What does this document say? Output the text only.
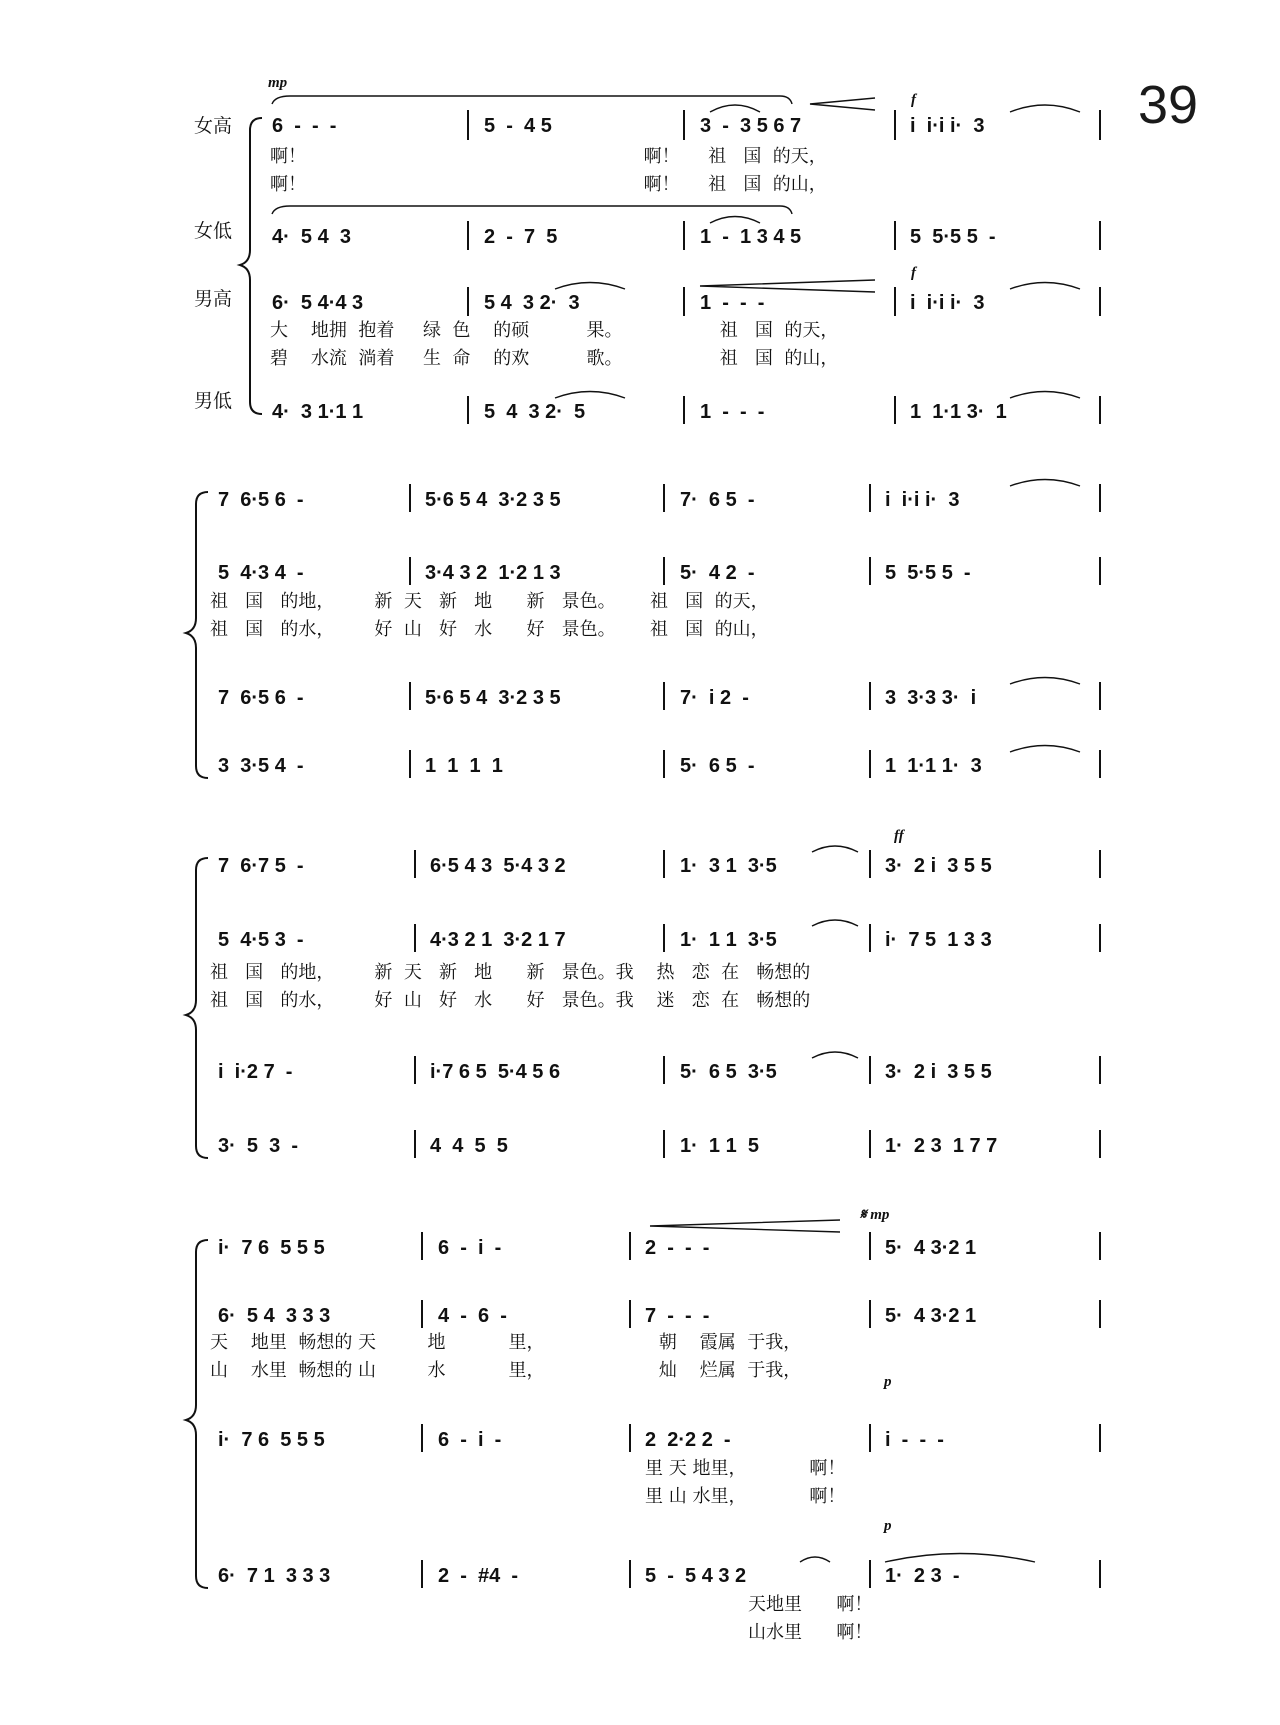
39
女高
女低
男高
男低
mp
f
f
ff
𝄋 mp
p
p
6  -  -  -	5  -  4 5	3  -  3 5 6 7	i  i·i i·  3
啊！                                                           啊！     祖   国  的天，
啊！                                                           啊！     祖   国  的山，
4·  5 4  3	2  -  7  5	1  -  1 3 4 5	5  5·5 5  -
6·  5 4·4 3	5 4  3 2·  3	1  -  -  -	i  i·i i·  3
大    地拥  抱着     绿  色    的硕          果。                 祖   国  的天，
碧    水流  淌着     生  命    的欢          歌。                 祖   国  的山，
4·  3 1·1 1	5  4  3 2·  5	1  -  -  -	1  1·1 3·  1
7  6·5 6  -	5·6 5 4  3·2 3 5	7·  6 5  -	i  i·i i·  3
5  4·3 4  -	3·4 3 2  1·2 1 3	5·  4 2  -	5  5·5 5  -
祖   国   的地，       新  天   新   地      新   景色。      祖   国  的天，
祖   国   的水，       好  山   好   水      好   景色。      祖   国  的山，
7  6·5 6  -	5·6 5 4  3·2 3 5	7·  i 2  -	3  3·3 3·  i
3  3·5 4  -	1  1  1  1	5·  6 5  -	1  1·1 1·  3
7  6·7 5  -	6·5 4 3  5·4 3 2	1·  3 1  3·5	3·  2 i  3 5 5
5  4·5 3  -	4·3 2 1  3·2 1 7	1·  1 1  3·5	i·  7 5  1 3 3
祖   国   的地，       新  天   新   地      新   景色。我    热   恋  在   畅想的
祖   国   的水，       好  山   好   水      好   景色。我    迷   恋  在   畅想的
i  i·2 7  -	i·7 6 5  5·4 5 6	5·  6 5  3·5	3·  2 i  3 5 5
3·  5  3  -	4  4  5  5	1·  1 1  5	1·  2 3  1 7 7
i·  7 6  5 5 5	6  -  i  -	2  -  -  -	5·  4 3·2 1
6·  5 4  3 3 3	4  -  6  -	7  -  -  -	5·  4 3·2 1
天    地里  畅想的 天         地           里，                    朝    霞属  于我，
山    水里  畅想的 山         水           里，                    灿    烂属  于我，
i·  7 6  5 5 5	6  -  i  -	2  2·2 2  -	i  -  -  -
里 天 地里，           啊！
里 山 水里，           啊！
6·  7 1  3 3 3	2  -  #4  -	5  -  5 4 3 2	1·  2 3  -
天地里      啊！
山水里      啊！
